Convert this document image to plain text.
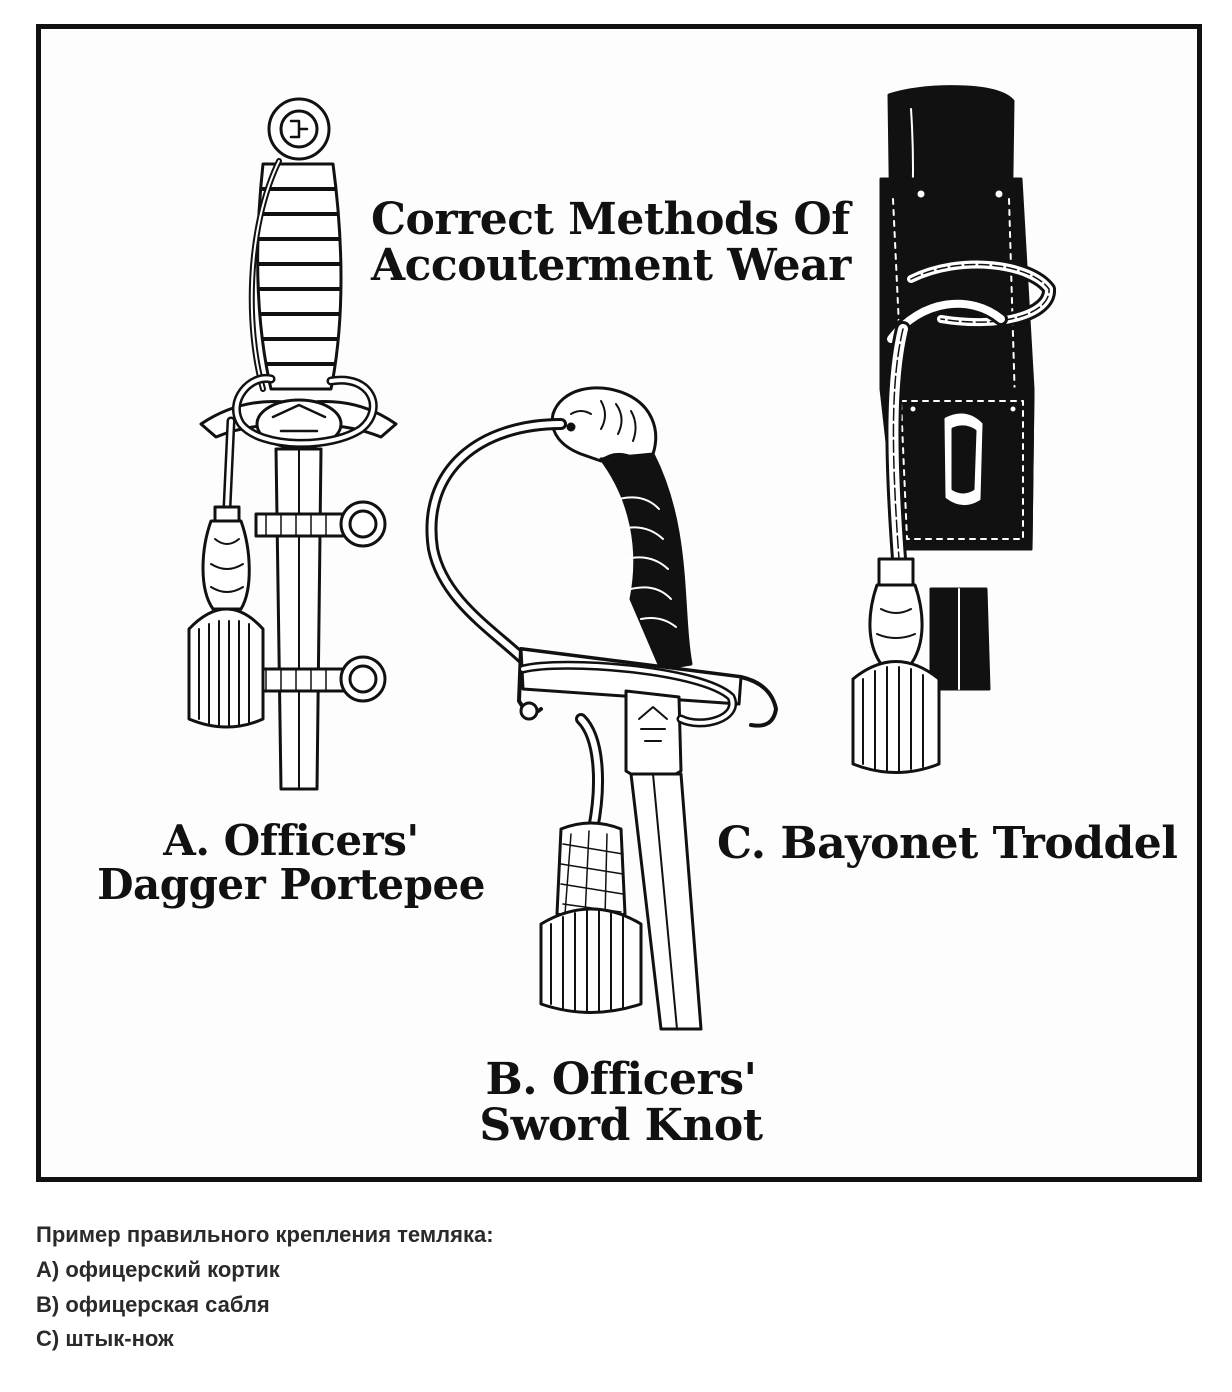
Correct Methods Of
Accouterment Wear
A. Officers'
Dagger Portepee
B. Officers'
Sword Knot
C. Bayonet Troddel
Пример правильного крепления темляка:
А) офицерский кортик
В) офицерская сабля
С) штык-нож
